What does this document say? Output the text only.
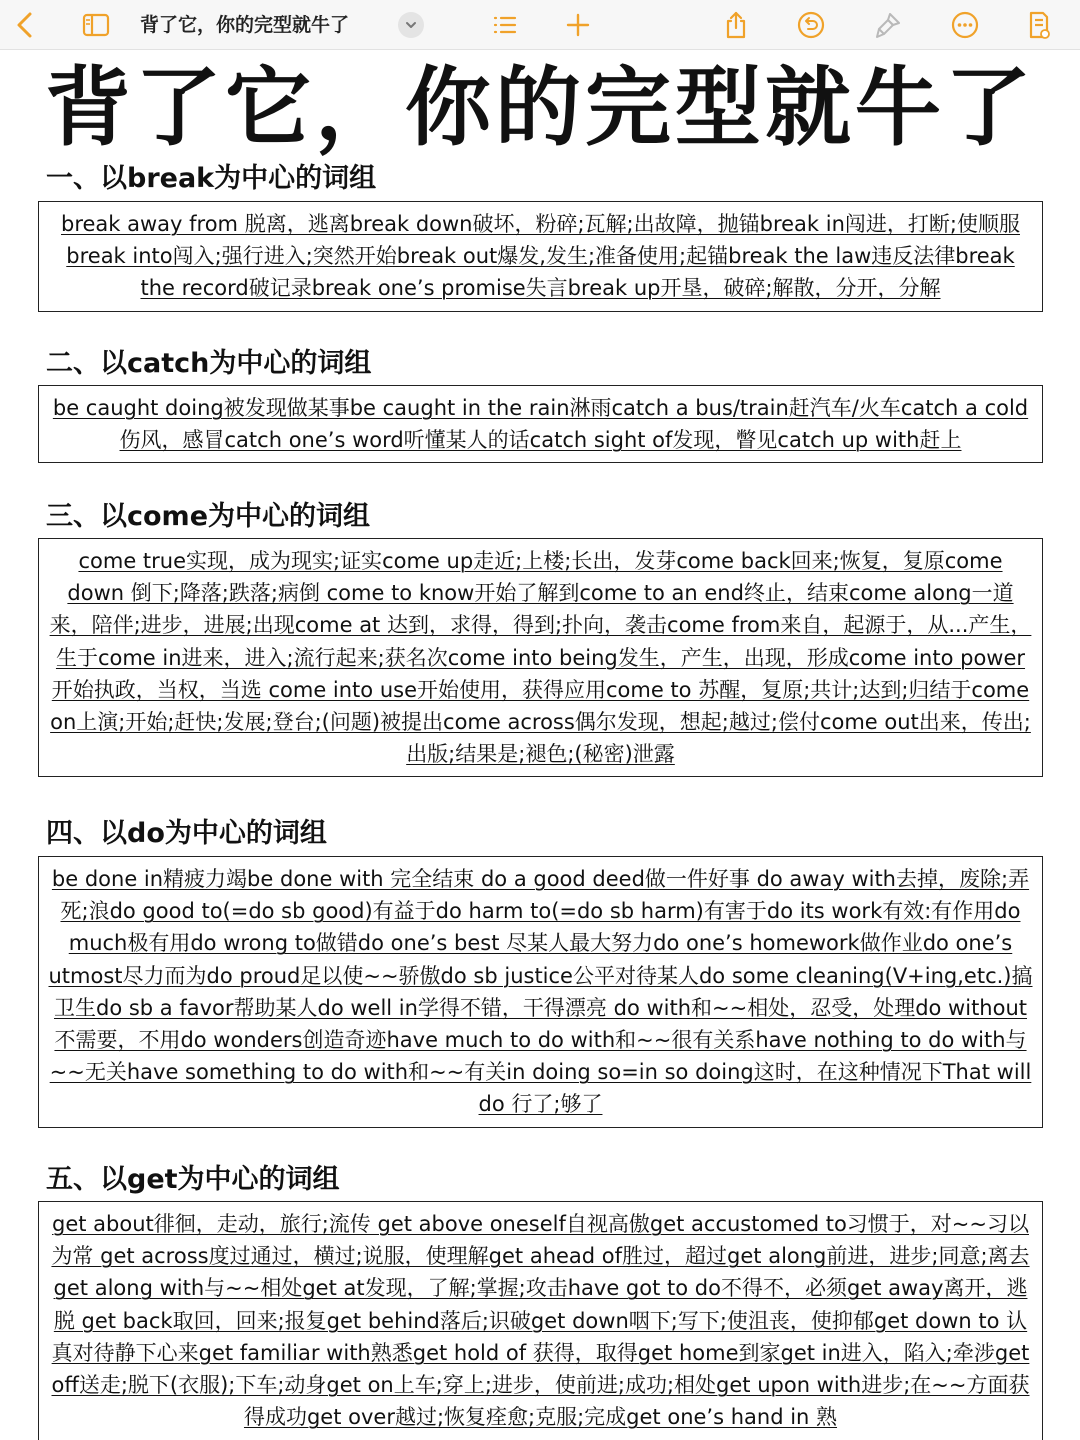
背了它，你的完型就牛了
背了它，你的完型就牛了
一、以break为中心的词组
break away from 脱离，逃离break down破坏，粉碎;瓦解;出故障，抛锚break in闯进，打断;使顺服break into闯入;强行进入;突然开始break out爆发,发生;准备使用;起锚break the law违反法律break the record破记录break one’s promise失言break up开垦，破碎;解散，分开，分解
二、以catch为中心的词组
be caught doing被发现做某事be caught in the rain淋雨catch a bus/train赶汽车/火车catch a cold 伤风，感冒catch one’s word听懂某人的话catch sight of发现，瞥见catch up with赶上
三、以come为中心的词组
come true实现，成为现实;证实come up走近;上楼;长出，发芽come back回来;恢复，复原come down 倒下;降落;跌落;病倒 come to know开始了解到come to an end终止，结束come along一道来，陪伴;进步，进展;出现come at 达到，求得，得到;扑向，袭击come from来自，起源于，从...产生，生于come in进来，进入;流行起来;获名次come into being发生，产生，出现，形成come into power开始执政，当权，当选 come into use开始使用，获得应用come to 苏醒，复原;共计;达到;归结于come on上演;开始;赶快;发展;登台;(问题)被提出come across偶尔发现，想起;越过;偿付come out出来，传出;出版;结果是;褪色;(秘密)泄露
四、以do为中心的词组
be done in精疲力竭be done with 完全结束 do a good deed做一件好事 do away with去掉，废除;弄死;浪do good to(=do sb good)有益于do harm to(=do sb harm)有害于do its work有效:有作用do much极有用do wrong to做错do one’s best 尽某人最大努力do one’s homework做作业do one’s utmost尽力而为do proud足以使~~骄傲do sb justice公平对待某人do some cleaning(V+ing,etc.)搞卫生do sb a favor帮助某人do well in学得不错，干得漂亮 do with和~~相处，忍受，处理do without不需要，不用do wonders创造奇迹have much to do with和~~很有关系have nothing to do with与~~无关have something to do with和~~有关in doing so=in so doing这时，在这种情况下That will do 行了;够了
五、以get为中心的词组
get about徘徊，走动，旅行;流传 get above oneself自视高傲get accustomed to习惯于，对~~习以为常 get across度过通过，横过;说服，使理解get ahead of胜过，超过get along前进，进步;同意;离去get along with与~~相处get at发现，了解;掌握;攻击have got to do不得不，必须get away离开，逃脱 get back取回，回来;报复get behind落后;识破get down咽下;写下;使沮丧，使抑郁get down to 认真对待静下心来get familiar with熟悉get hold of 获得，取得get home到家get in进入，陷入;牵涉get off送走;脱下(衣服);下车;动身get on上车;穿上;进步，使前进;成功;相处get upon with进步;在~~方面获得成功get over越过;恢复痊愈;克服;完成get one’s hand in 熟
